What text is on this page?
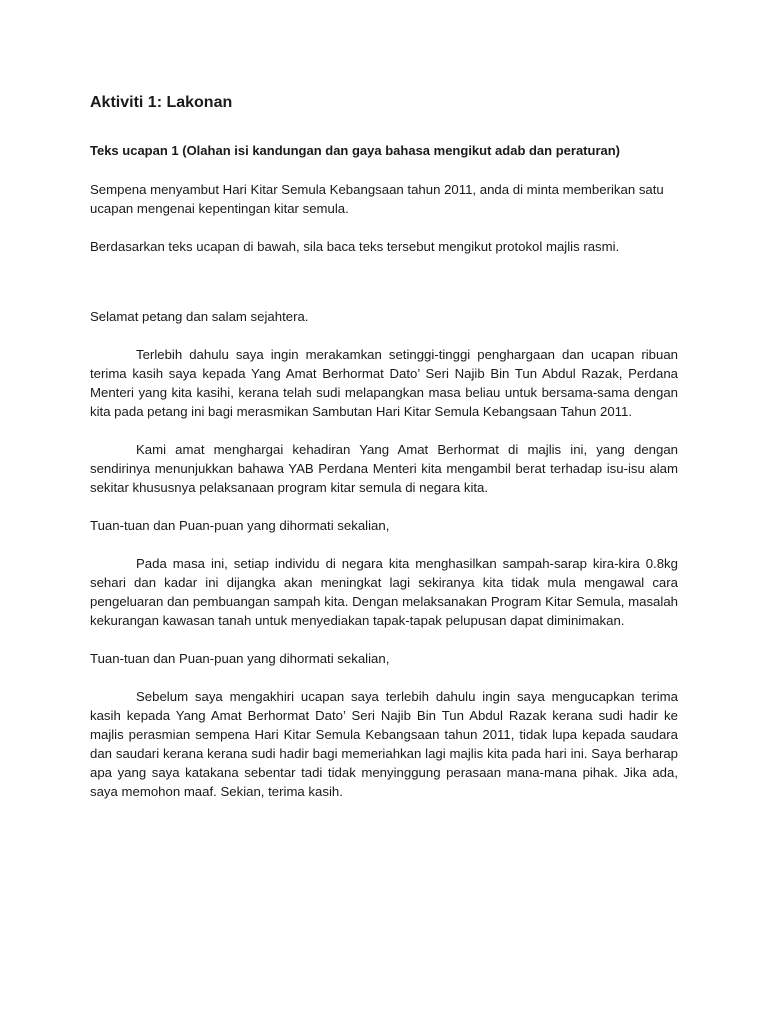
Aktiviti 1: Lakonan
Teks ucapan 1 (Olahan isi kandungan dan gaya bahasa mengikut adab dan peraturan)

Sempena menyambut Hari Kitar Semula Kebangsaan tahun 2011, anda di minta memberikan satu ucapan mengenai kepentingan kitar semula.

Berdasarkan teks ucapan di bawah, sila baca teks tersebut mengikut protokol majlis rasmi.

Selamat petang dan salam sejahtera.

Terlebih dahulu saya ingin merakamkan setinggi-tinggi penghargaan dan ucapan ribuan terima kasih saya kepada Yang Amat Berhormat Dato’ Seri Najib Bin Tun Abdul Razak, Perdana Menteri yang kita kasihi, kerana telah sudi melapangkan masa beliau untuk bersama-sama dengan kita pada petang ini bagi merasmikan Sambutan Hari Kitar Semula Kebangsaan Tahun 2011.

Kami amat menghargai kehadiran Yang Amat Berhormat di majlis ini, yang dengan sendirinya menunjukkan bahawa YAB Perdana Menteri kita mengambil berat terhadap isu-isu alam sekitar khususnya pelaksanaan program kitar semula di negara kita.

Tuan-tuan dan Puan-puan yang dihormati sekalian,

Pada masa ini, setiap individu di negara kita menghasilkan sampah-sarap kira-kira 0.8kg sehari dan kadar ini dijangka akan meningkat lagi sekiranya kita tidak mula mengawal cara pengeluaran dan pembuangan sampah kita. Dengan melaksanakan Program Kitar Semula, masalah kekurangan kawasan tanah untuk menyediakan tapak-tapak pelupusan dapat diminimakan.

Tuan-tuan dan Puan-puan yang dihormati sekalian,

Sebelum saya mengakhiri ucapan saya terlebih dahulu ingin saya mengucapkan terima kasih kepada Yang Amat Berhormat Dato’ Seri Najib Bin Tun Abdul Razak kerana sudi hadir ke majlis perasmian sempena Hari Kitar Semula Kebangsaan tahun 2011, tidak lupa kepada saudara dan saudari kerana kerana sudi hadir bagi memeriahkan lagi majlis kita pada hari ini. Saya berharap apa yang saya katakana sebentar tadi tidak menyinggung perasaan mana-mana pihak. Jika ada, saya memohon maaf. Sekian, terima kasih.
